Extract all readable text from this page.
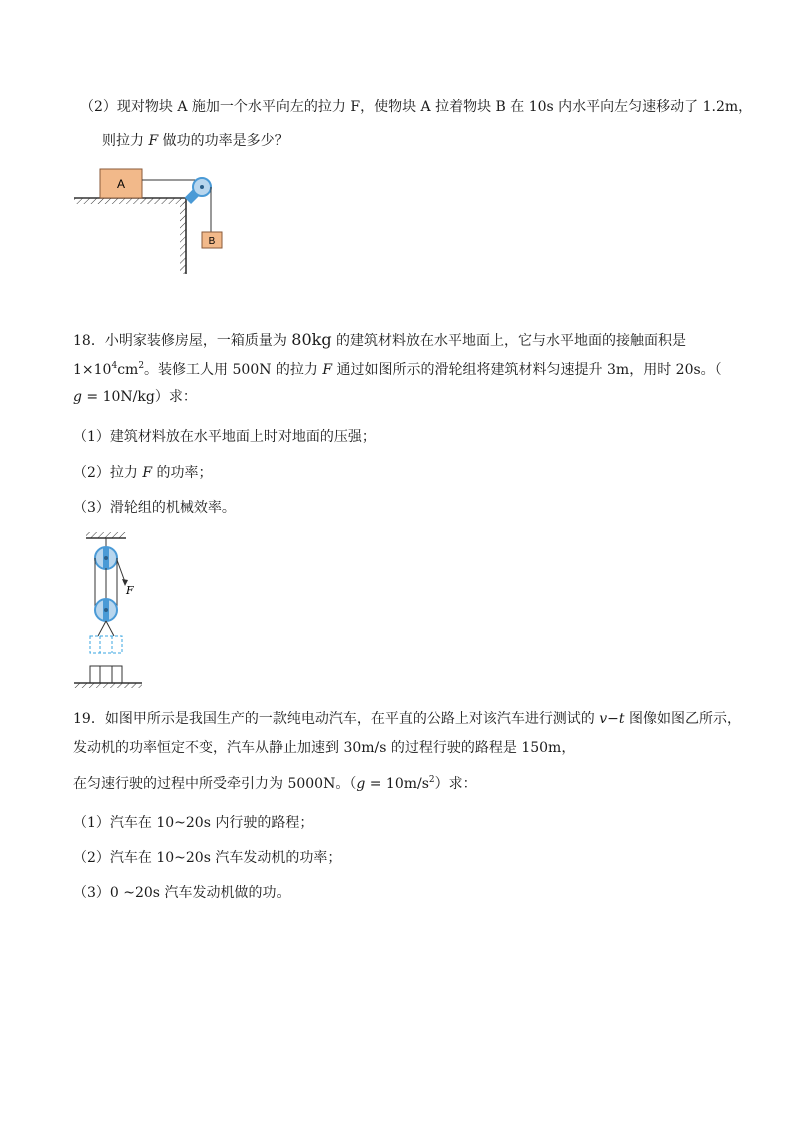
（2）现对物块 A 施加一个水平向左的拉力 F，使物块 A 拉着物块 B 在 10s 内水平向左匀速移动了 1.2m，
则拉力 F 做功的功率是多少？
A
B
18．小明家装修房屋，一箱质量为 80kg 的建筑材料放在水平地面上，它与水平地面的接触面积是
$1\times 10^4cm^2$。装修工人用 500N 的拉力 F 通过如图所示的滑轮组将建筑材料匀速提升 3m，用时 20s。（
g = 10N/kg）求：
（1）建筑材料放在水平地面上时对地面的压强；
（2）拉力 F 的功率；
（3）滑轮组的机械效率。
F
19．如图甲所示是我国生产的一款纯电动汽车，在平直的公路上对该汽车进行测试的 v−t 图像如图乙所示，
发动机的功率恒定不变，汽车从静止加速到 30m/s 的过程行驶的路程是 150m，
在匀速行驶的过程中所受牵引力为 5000N。$(g = 10m/s^2)$求：
（1）汽车在 10~20s 内行驶的路程；
（2）汽车在 10~20s 汽车发动机的功率；
（3）0 ~20s 汽车发动机做的功。
